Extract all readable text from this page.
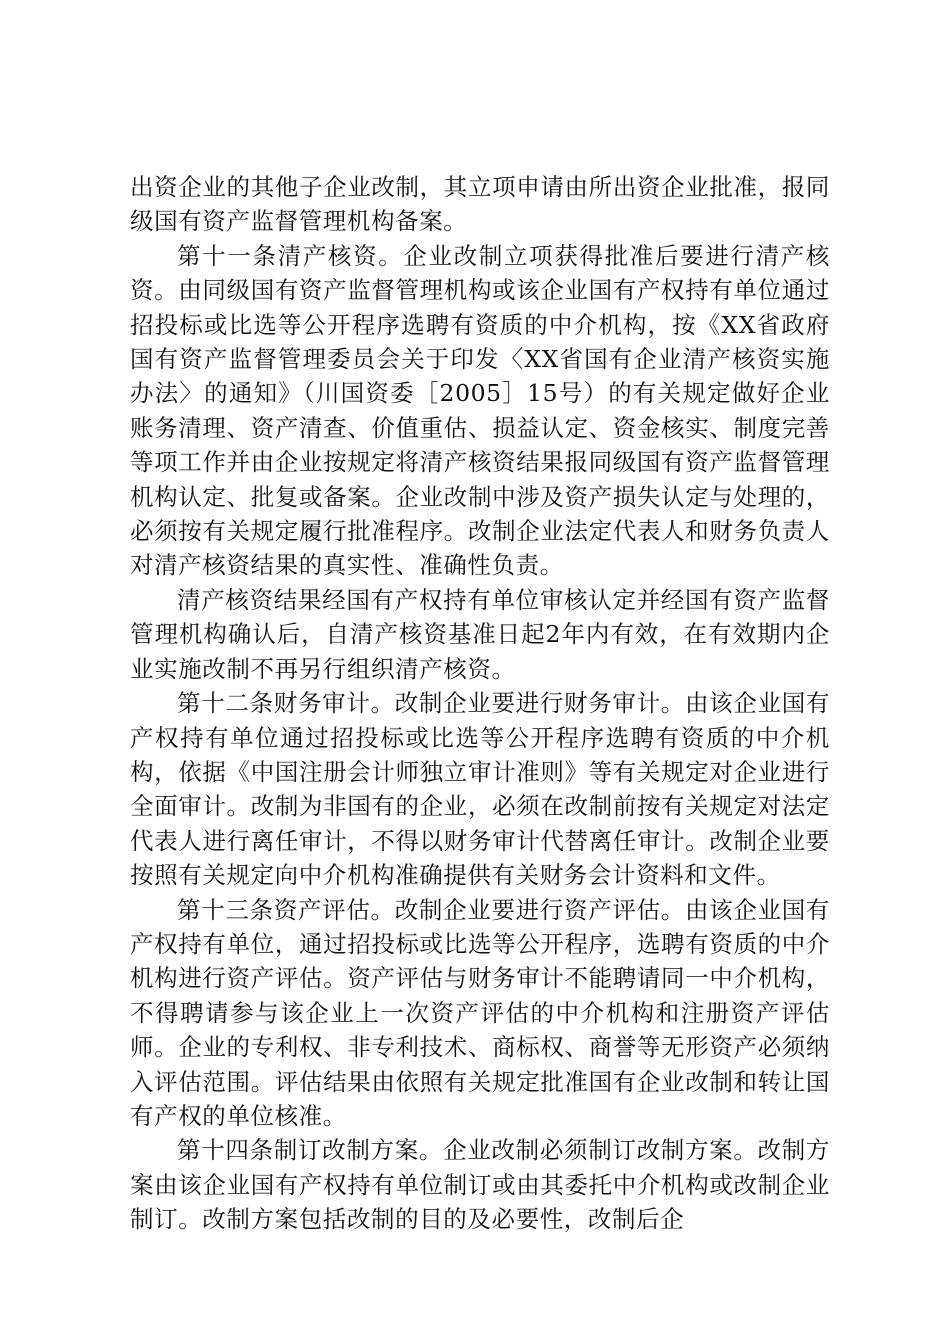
出资企业的其他子企业改制，其立项申请由所出资企业批准，报同级国有资产监督管理机构备案。

第十一条清产核资。企业改制立项获得批准后要进行清产核资。由同级国有资产监督管理机构或该企业国有产权持有单位通过招投标或比选等公开程序选聘有资质的中介机构，按《XX省政府国有资产监督管理委员会关于印发〈XX省国有企业清产核资实施办法〉的通知》（川国资委［2005］15号）的有关规定做好企业账务清理、资产清查、价值重估、损益认定、资金核实、制度完善等项工作并由企业按规定将清产核资结果报同级国有资产监督管理机构认定、批复或备案。企业改制中涉及资产损失认定与处理的，必须按有关规定履行批准程序。改制企业法定代表人和财务负责人对清产核资结果的真实性、准确性负责。

清产核资结果经国有产权持有单位审核认定并经国有资产监督管理机构确认后，自清产核资基准日起2年内有效，在有效期内企业实施改制不再另行组织清产核资。

第十二条财务审计。改制企业要进行财务审计。由该企业国有产权持有单位通过招投标或比选等公开程序选聘有资质的中介机构，依据《中国注册会计师独立审计准则》等有关规定对企业进行全面审计。改制为非国有的企业，必须在改制前按有关规定对法定代表人进行离任审计，不得以财务审计代替离任审计。改制企业要按照有关规定向中介机构准确提供有关财务会计资料和文件。

第十三条资产评估。改制企业要进行资产评估。由该企业国有产权持有单位，通过招投标或比选等公开程序，选聘有资质的中介机构进行资产评估。资产评估与财务审计不能聘请同一中介机构，不得聘请参与该企业上一次资产评估的中介机构和注册资产评估师。企业的专利权、非专利技术、商标权、商誉等无形资产必须纳入评估范围。评估结果由依照有关规定批准国有企业改制和转让国有产权的单位核准。

第十四条制订改制方案。企业改制必须制订改制方案。改制方案由该企业国有产权持有单位制订或由其委托中介机构或改制企业制订。改制方案包括改制的目的及必要性，改制后企
